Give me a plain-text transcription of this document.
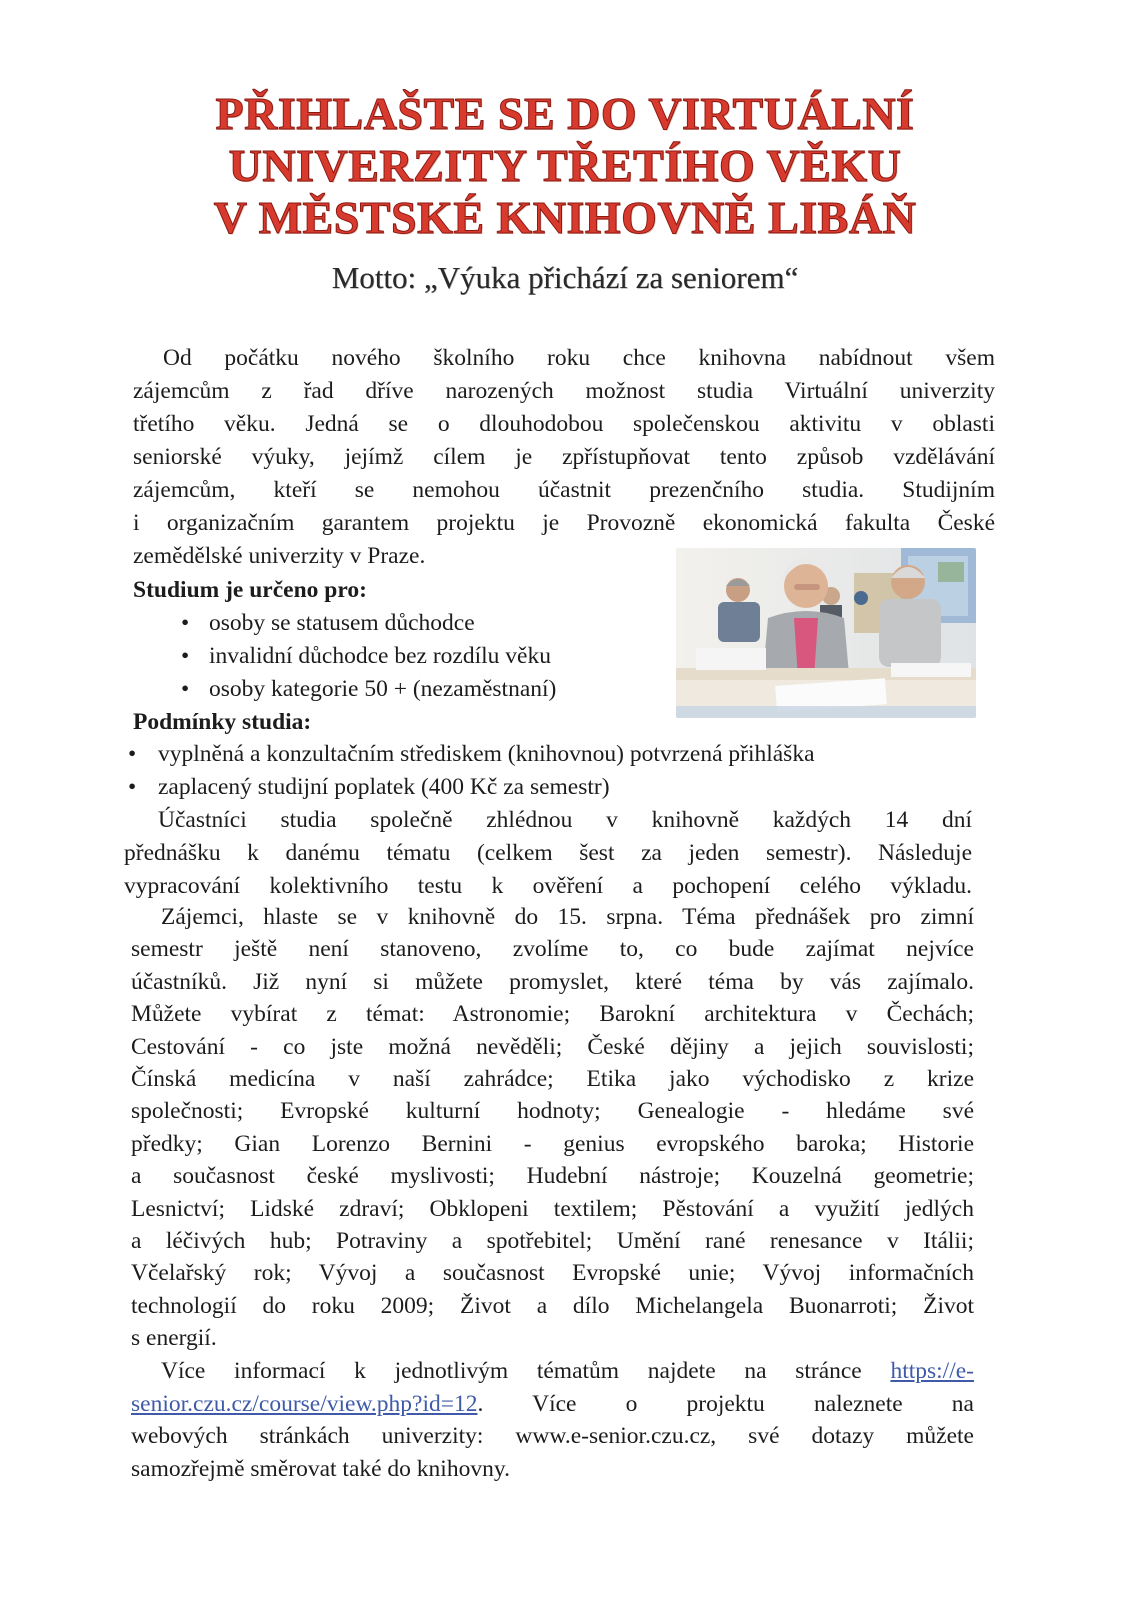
PŘIHLAŠTE SE DO VIRTUÁLNÍ
UNIVERZITY TŘETÍHO VĚKU
V MĚSTSKÉ KNIHOVNĚ LIBÁŇ
Motto: „Výuka přichází za seniorem“
Od počátku nového školního roku chce knihovna nabídnout všem
zájemcům z řad dříve narozených možnost studia Virtuální univerzity
třetího věku. Jedná se o dlouhodobou společenskou aktivitu v oblasti
seniorské výuky, jejímž cílem je zpřístupňovat tento způsob vzdělávání
zájemcům, kteří se nemohou účastnit prezenčního studia. Studijním
i organizačním garantem projektu je Provozně ekonomická fakulta České
zemědělské univerzity v Praze.
Studium je určeno pro:
• osoby se statusem důchodce
• invalidní důchodce bez rozdílu věku
• osoby kategorie 50 + (nezaměstnaní)
Podmínky studia:
• vyplněná a konzultačním střediskem (knihovnou) potvrzená přihláška
• zaplacený studijní poplatek (400 Kč za semestr)
Účastníci studia společně zhlédnou v knihovně každých 14 dní
přednášku k danému tématu (celkem šest za jeden semestr). Následuje
vypracování kolektivního testu k ověření a pochopení celého výkladu.
Zájemci, hlaste se v knihovně do 15. srpna. Téma přednášek pro zimní
semestr ještě není stanoveno, zvolíme to, co bude zajímat nejvíce
účastníků. Již nyní si můžete promyslet, které téma by vás zajímalo.
Můžete vybírat z témat: Astronomie; Barokní architektura v Čechách;
Cestování - co jste možná nevěděli; České dějiny a jejich souvislosti;
Čínská medicína v naší zahrádce; Etika jako východisko z krize
společnosti; Evropské kulturní hodnoty; Genealogie - hledáme své
předky; Gian Lorenzo Bernini - genius evropského baroka; Historie
a současnost české myslivosti; Hudební nástroje; Kouzelná geometrie;
Lesnictví; Lidské zdraví; Obklopeni textilem; Pěstování a využití jedlých
a léčivých hub; Potraviny a spotřebitel; Umění rané renesance v Itálii;
Včelařský rok; Vývoj a současnost Evropské unie; Vývoj informačních
technologií do roku 2009; Život a dílo Michelangela Buonarroti; Život
s energií.
Více informací k jednotlivým tématům najdete na stránce https://e-
senior.czu.cz/course/view.php?id=12. Více o projektu naleznete na
webových stránkách univerzity: www.e-senior.czu.cz, své dotazy můžete
samozřejmě směrovat také do knihovny.
